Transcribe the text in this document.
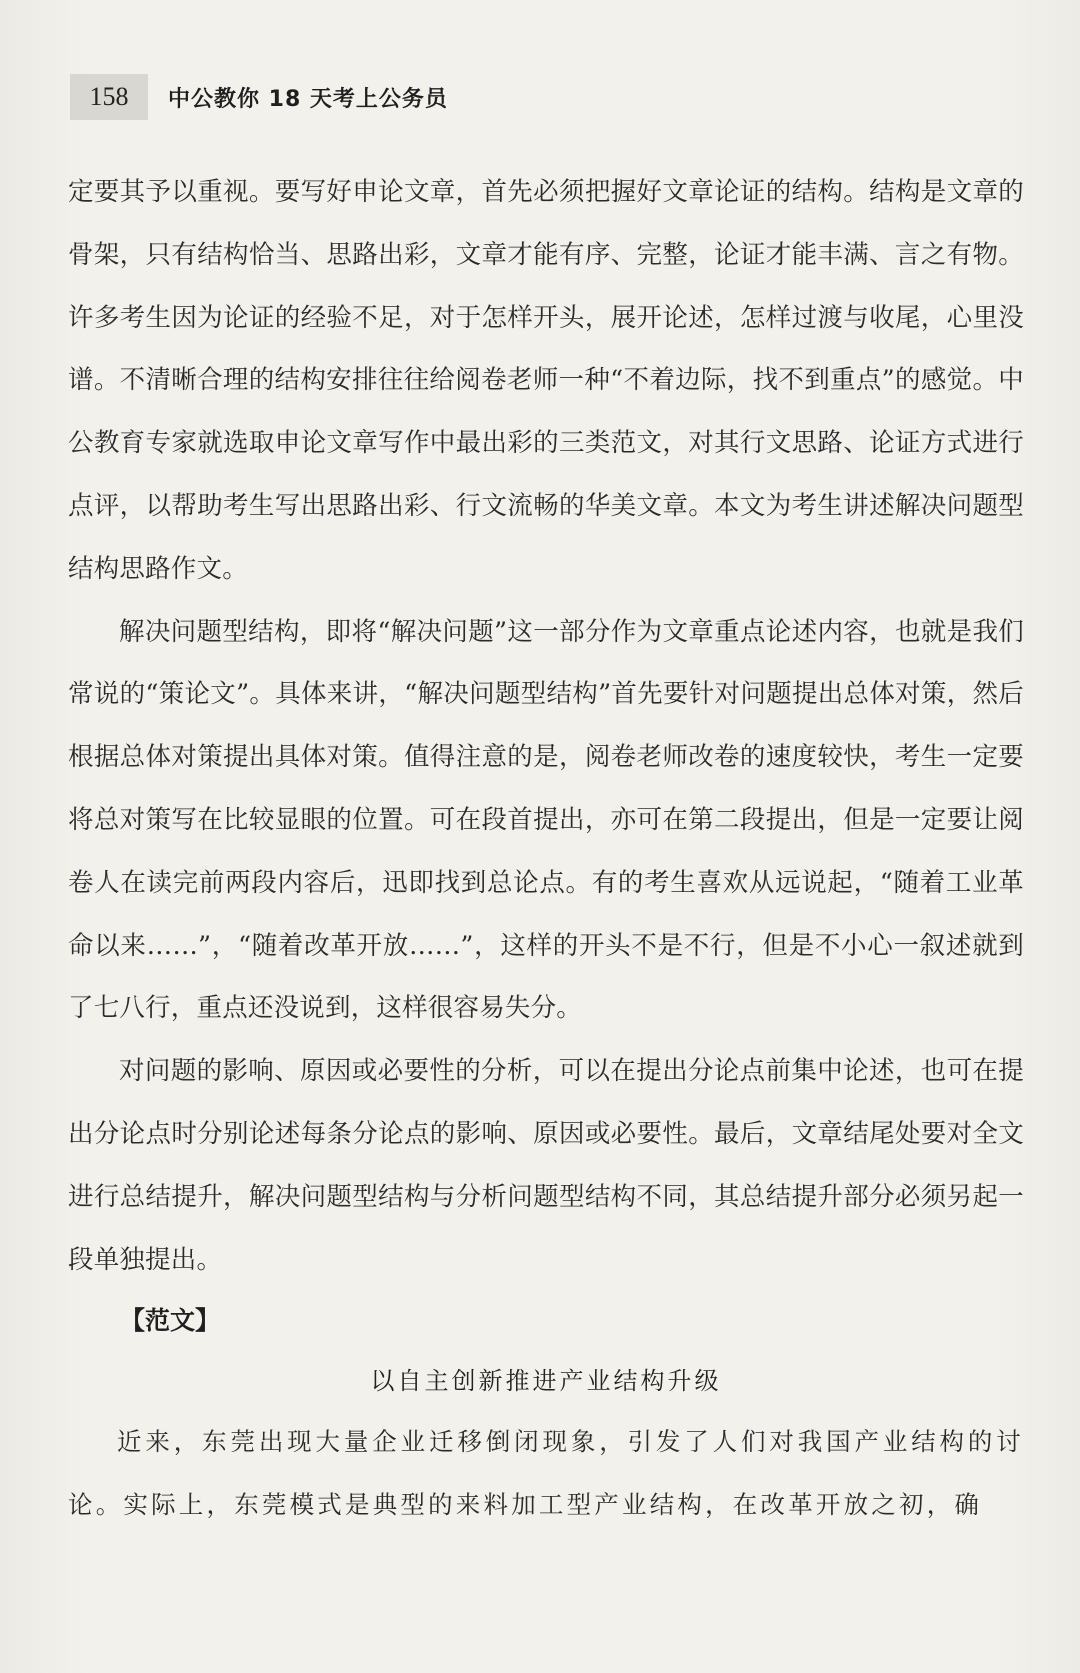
158	中公教你 18 天考上公务员

定要其予以重视。要写好申论文章，首先必须把握好文章论证的结构。结构是文章的骨架，只有结构恰当、思路出彩，文章才能有序、完整，论证才能丰满、言之有物。许多考生因为论证的经验不足，对于怎样开头，展开论述，怎样过渡与收尾，心里没谱。不清晰合理的结构安排往往给阅卷老师一种“不着边际，找不到重点”的感觉。中公教育专家就选取申论文章写作中最出彩的三类范文，对其行文思路、论证方式进行点评，以帮助考生写出思路出彩、行文流畅的华美文章。本文为考生讲述解决问题型结构思路作文。

解决问题型结构，即将“解决问题”这一部分作为文章重点论述内容，也就是我们常说的“策论文”。具体来讲，“解决问题型结构”首先要针对问题提出总体对策，然后根据总体对策提出具体对策。值得注意的是，阅卷老师改卷的速度较快，考生一定要将总对策写在比较显眼的位置。可在段首提出，亦可在第二段提出，但是一定要让阅卷人在读完前两段内容后，迅即找到总论点。有的考生喜欢从远说起，“随着工业革命以来……”，“随着改革开放……”，这样的开头不是不行，但是不小心一叙述就到了七八行，重点还没说到，这样很容易失分。

对问题的影响、原因或必要性的分析，可以在提出分论点前集中论述，也可在提出分论点时分别论述每条分论点的影响、原因或必要性。最后，文章结尾处要对全文进行总结提升，解决问题型结构与分析问题型结构不同，其总结提升部分必须另起一段单独提出。

【范文】

以自主创新推进产业结构升级

近来，东莞出现大量企业迁移倒闭现象，引发了人们对我国产业结构的讨论。实际上，东莞模式是典型的来料加工型产业结构，在改革开放之初，确
